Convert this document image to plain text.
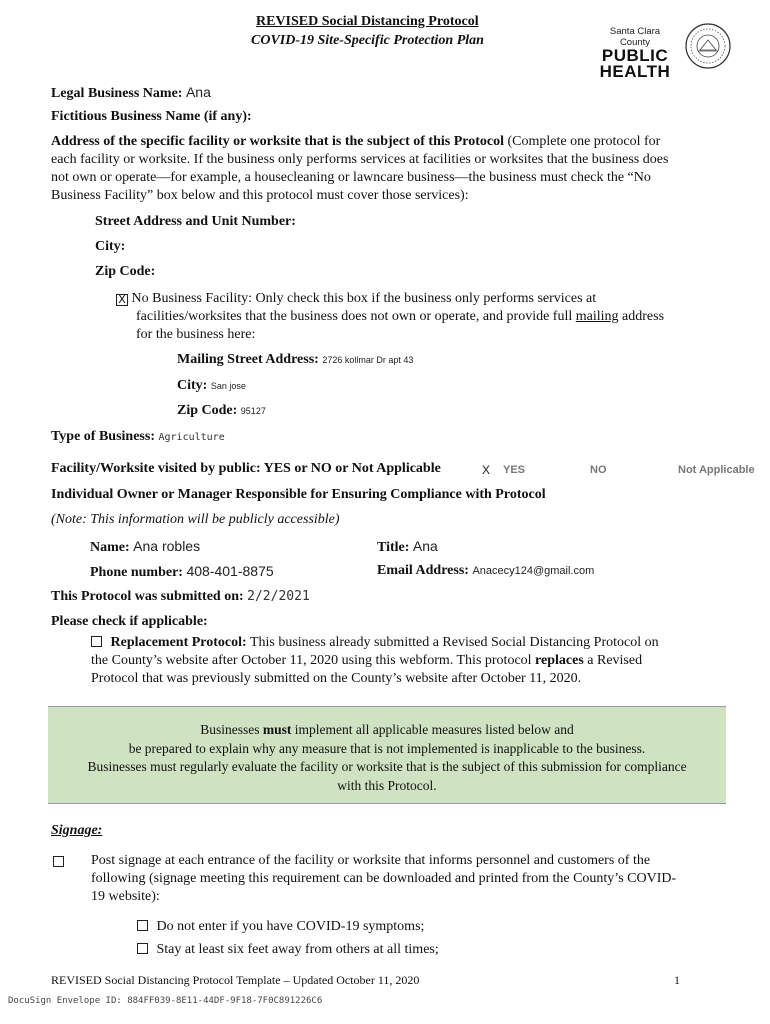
REVISED Social Distancing Protocol
COVID-19 Site-Specific Protection Plan
Santa Clara County
PUBLIC
HEALTH
Legal Business Name: Ana
Fictitious Business Name (if any):
Address of the specific facility or worksite that is the subject of this Protocol (Complete one protocol for
each facility or worksite. If the business only performs services at facilities or worksites that the business does
not own or operate—for example, a housecleaning or lawncare business—the business must check the “No
Business Facility” box below and this protocol must cover those services):
Street Address and Unit Number:
City:
Zip Code:
X No Business Facility: Only check this box if the business only performs services at
facilities/worksites that the business does not own or operate, and provide full mailing address
for the business here:
Mailing Street Address: 2726 kollmar Dr apt 43
City: San jose
Zip Code: 95127
Type of Business: Agriculture
Facility/Worksite visited by public: YES or NO or Not Applicable	X YES	NO	Not Applicable
Individual Owner or Manager Responsible for Ensuring Compliance with Protocol
(Note: This information will be publicly accessible)
Name: Ana robles	Title: Ana
Phone number: 408-401-8875	Email Address: Anacecy124@gmail.com
This Protocol was submitted on: 2/2/2021
Please check if applicable:
Replacement Protocol: This business already submitted a Revised Social Distancing Protocol on
the County’s website after October 11, 2020 using this webform. This protocol replaces a Revised
Protocol that was previously submitted on the County’s website after October 11, 2020.
Businesses must implement all applicable measures listed below and
be prepared to explain why any measure that is not implemented is inapplicable to the business.
Businesses must regularly evaluate the facility or worksite that is the subject of this submission for compliance
with this Protocol.
Signage:
Post signage at each entrance of the facility or worksite that informs personnel and customers of the
following (signage meeting this requirement can be downloaded and printed from the County’s COVID-
19 website):
Do not enter if you have COVID-19 symptoms;
Stay at least six feet away from others at all times;
REVISED Social Distancing Protocol Template – Updated October 11, 2020	1
DocuSign Envelope ID: 884FF039-8E11-44DF-9F18-7F0C891226C6
